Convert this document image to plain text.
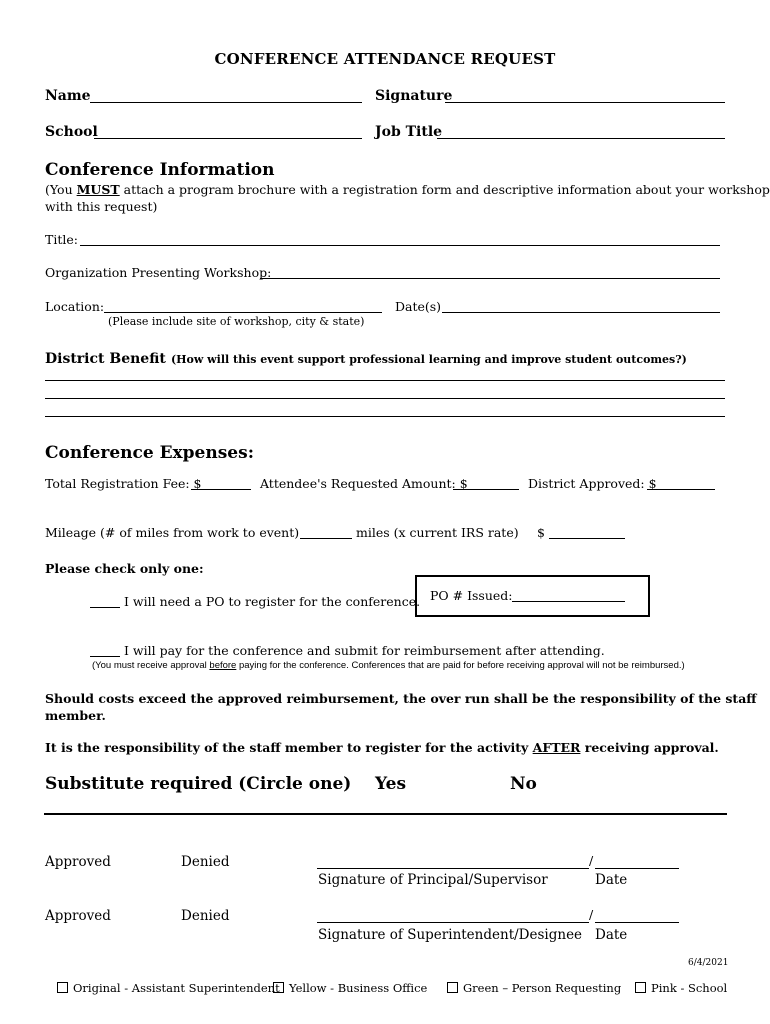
CONFERENCE ATTENDANCE REQUEST
Name	Signature
School	Job Title
Conference Information
(You MUST attach a program brochure with a registration form and descriptive information about your workshop
with this request)
Title:
Organization Presenting Workshop:
Location:	Date(s)
(Please include site of workshop, city & state)
District Benefit (How will this event support professional learning and improve student outcomes?)
Conference Expenses:
Total Registration Fee: $	Attendee's Requested Amount: $	District Approved: $
Mileage (# of miles from work to event)	miles (x current IRS rate) $
Please check only one:
I will need a PO to register for the conference. PO # Issued:
I will pay for the conference and submit for reimbursement after attending.
(You must receive approval before paying for the conference. Conferences that are paid for before receiving approval will not be reimbursed.)
Should costs exceed the approved reimbursement, the over run shall be the responsibility of the staff
member.
It is the responsibility of the staff member to register for the activity AFTER receiving approval.
Substitute required (Circle one) Yes	No
Approved	Denied	/
Signature of Principal/Supervisor	Date
Approved	Denied	/
Signature of Superintendent/Designee Date
6/4/2021
Original - Assistant Superintendent Yellow - Business Office	Green – Person Requesting	Pink - School
